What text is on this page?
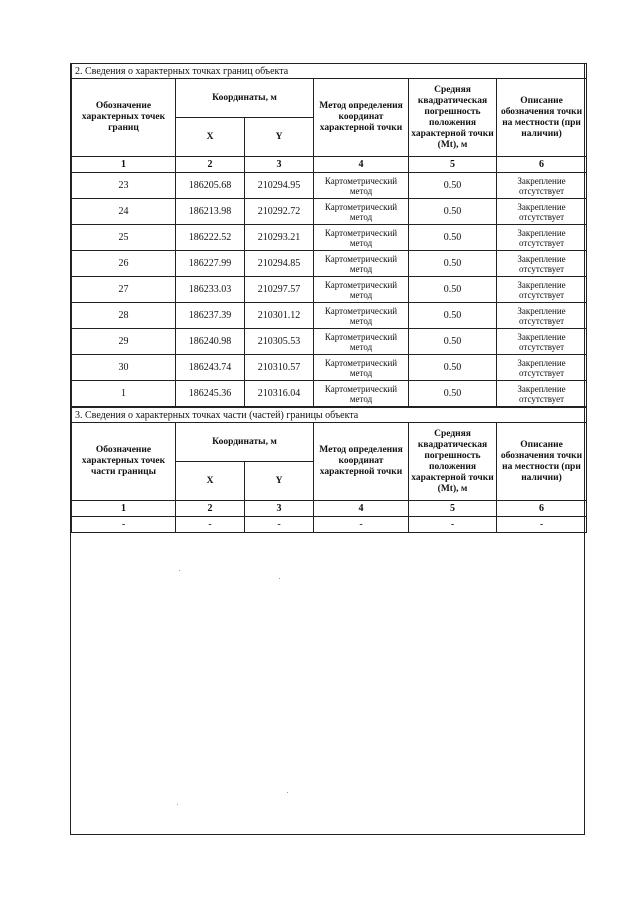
2. Сведения о характерных точках границ объекта					
Обозначение характерных точек границ	Координаты, м		Метод определения координат характерной точки	Средняя квадратическая погрешность положения характерной точки (Mt), м	Описание обозначения точки на местности (при наличии)
	X	Y			
1	2	3	4	5	6
23	186205.68	210294.95	Картометрический метод	0.50	Закрепление отсутствует
24	186213.98	210292.72	Картометрический метод	0.50	Закрепление отсутствует
25	186222.52	210293.21	Картометрический метод	0.50	Закрепление отсутствует
26	186227.99	210294.85	Картометрический метод	0.50	Закрепление отсутствует
27	186233.03	210297.57	Картометрический метод	0.50	Закрепление отсутствует
28	186237.39	210301.12	Картометрический метод	0.50	Закрепление отсутствует
29	186240.98	210305.53	Картометрический метод	0.50	Закрепление отсутствует
30	186243.74	210310.57	Картометрический метод	0.50	Закрепление отсутствует
1	186245.36	210316.04	Картометрический метод	0.50	Закрепление отсутствует
3. Сведения о характерных точках части (частей) границы объекта					
Обозначение характерных точек части границы	Координаты, м		Метод определения координат характерной точки	Средняя квадратическая погрешность положения характерной точки (Mt), м	Описание обозначения точки на местности (при наличии)
	X	Y			
1	2	3	4	5	6
-	-	-	-	-	-
